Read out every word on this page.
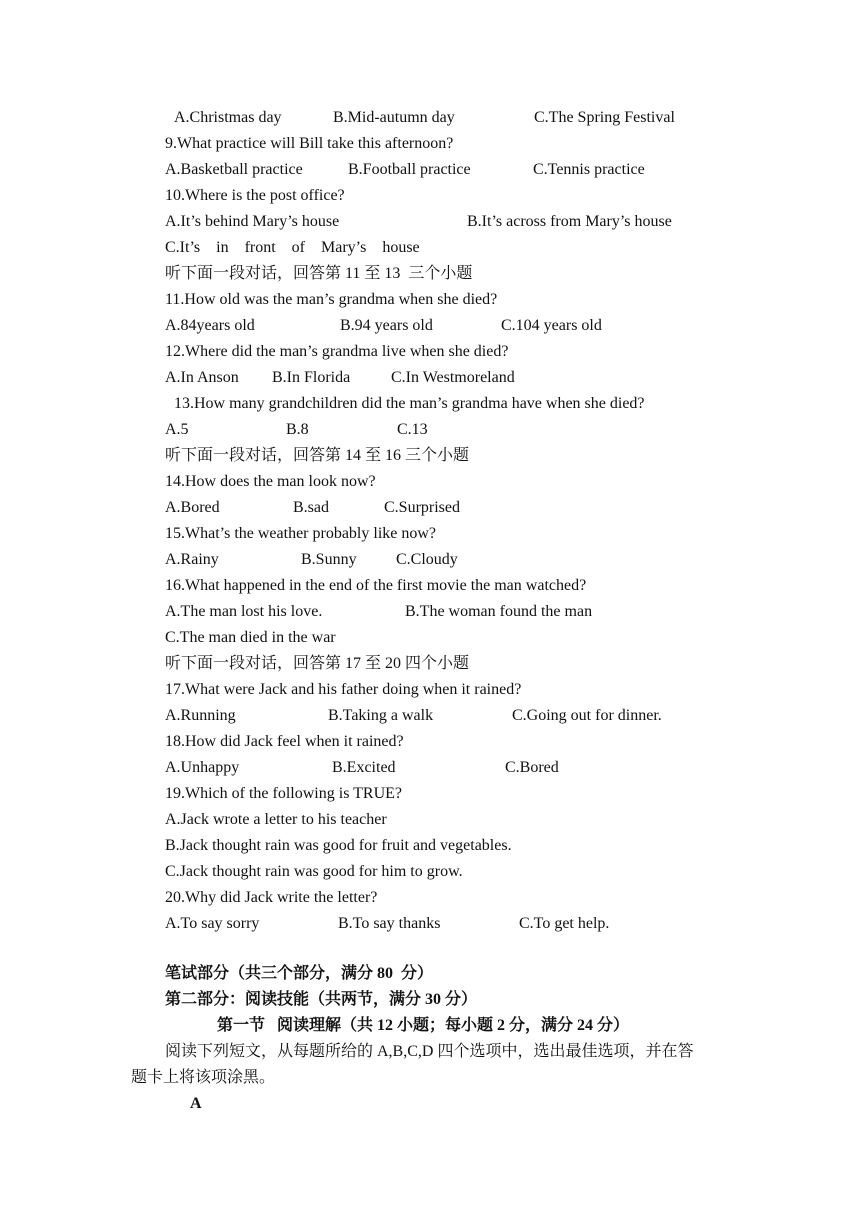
A.Christmas day	B.Mid-autumn day	C.The Spring Festival
9.What practice will Bill take this afternoon?
A.Basketball practice	B.Football practice	C.Tennis practice
10.Where is the post office?
A.It’s behind Mary’s house	B.It’s across from Mary’s house
C.It’s    in    front    of    Mary’s    house
听下面一段对话，回答第 11 至 13  三个小题
11.How old was the man’s grandma when she died?
A.84years old	B.94 years old	C.104 years old
12.Where did the man’s grandma live when she died?
A.In Anson B.In Florida	C.In Westmoreland
13.How many grandchildren did the man’s grandma have when she died?
A.5	B.8	C.13
听下面一段对话，回答第 14 至 16 三个小题
14.How does the man look now?
A.Bored	B.sad	C.Surprised
15.What’s the weather probably like now?
A.Rainy	B.Sunny C.Cloudy
16.What happened in the end of the first movie the man watched?
A.The man lost his love.	B.The woman found the man
C.The man died in the war
听下面一段对话，回答第 17 至 20 四个小题
17.What were Jack and his father doing when it rained?
A.Running	B.Taking a walk	C.Going out for dinner.
18.How did Jack feel when it rained?
A.Unhappy	B.Excited	C.Bored
19.Which of the following is TRUE?
A.Jack wrote a letter to his teacher
B.Jack thought rain was good for fruit and vegetables.
C.Jack thought rain was good for him to grow.
20.Why did Jack write the letter?
A.To say sorry	B.To say thanks	C.To get help.
笔试部分（共三个部分，满分 80  分）
第二部分：阅读技能（共两节，满分 30 分）
第一节   阅读理解（共 12 小题；每小题 2 分，满分 24 分）
阅读下列短文，从每题所给的 A,B,C,D 四个选项中，选出最佳选项，并在答
题卡上将该项涂黑。
A
